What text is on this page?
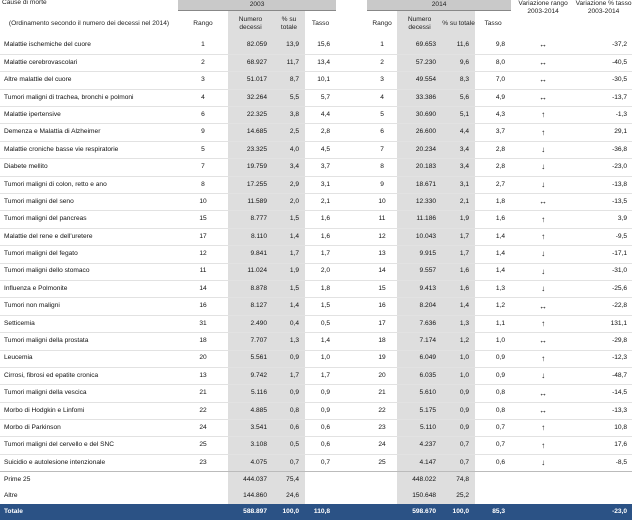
Cause di morte	2003					2014				Variazione rango 2003-2014	Variazione % tasso 2003-2014
(Ordinamento secondo il numero dei decessi nel 2014)	Rango	Numero decessi	% su totale	Tasso		Rango	Numero decessi	% su totale	Tasso		
Malattie ischemiche del cuore	1	82.059	13,9	15,6		1	69.653	11,6	9,8	↔	-37,2
Malattie cerebrovascolari	2	68.927	11,7	13,4		2	57.230	9,6	8,0	↔	-40,5
Altre malattie del cuore	3	51.017	8,7	10,1		3	49.554	8,3	7,0	↔	-30,5
Tumori maligni di trachea, bronchi e polmoni	4	32.264	5,5	5,7		4	33.386	5,6	4,9	↔	-13,7
Malattie ipertensive	6	22.325	3,8	4,4		5	30.690	5,1	4,3	↑	-1,3
Demenza e Malattia di Alzheimer	9	14.685	2,5	2,8		6	26.600	4,4	3,7	↑	29,1
Malattie croniche basse vie respiratorie	5	23.325	4,0	4,5		7	20.234	3,4	2,8	↓	-36,8
Diabete mellito	7	19.759	3,4	3,7		8	20.183	3,4	2,8	↓	-23,0
Tumori maligni di colon, retto e ano	8	17.255	2,9	3,1		9	18.671	3,1	2,7	↓	-13,8
Tumori maligni del seno	10	11.589	2,0	2,1		10	12.330	2,1	1,8	↔	-13,5
Tumori maligni del pancreas	15	8.777	1,5	1,6		11	11.186	1,9	1,6	↑	3,9
Malattie del rene e dell'uretere	17	8.110	1,4	1,6		12	10.043	1,7	1,4	↑	-9,5
Tumori maligni del fegato	12	9.841	1,7	1,7		13	9.915	1,7	1,4	↓	-17,1
Tumori maligni dello stomaco	11	11.024	1,9	2,0		14	9.557	1,6	1,4	↓	-31,0
Influenza e Polmonite	14	8.878	1,5	1,8		15	9.413	1,6	1,3	↓	-25,6
Tumori non maligni	16	8.127	1,4	1,5		16	8.204	1,4	1,2	↔	-22,8
Setticemia	31	2.490	0,4	0,5		17	7.636	1,3	1,1	↑	131,1
Tumori maligni della prostata	18	7.707	1,3	1,4		18	7.174	1,2	1,0	↔	-29,8
Leucemia	20	5.561	0,9	1,0		19	6.049	1,0	0,9	↑	-12,3
Cirrosi, fibrosi ed epatite cronica	13	9.742	1,7	1,7		20	6.035	1,0	0,9	↓	-48,7
Tumori maligni della vescica	21	5.116	0,9	0,9		21	5.610	0,9	0,8	↔	-14,5
Morbo di Hodgkin e Linfomi	22	4.885	0,8	0,9		22	5.175	0,9	0,8	↔	-13,3
Morbo di Parkinson	24	3.541	0,6	0,6		23	5.110	0,9	0,7	↑	10,8
Tumori maligni del cervello e del SNC	25	3.108	0,5	0,6		24	4.237	0,7	0,7	↑	17,6
Suicidio e autolesione intenzionale	23	4.075	0,7	0,7		25	4.147	0,7	0,6	↓	-8,5
Prime 25		444.037	75,4				448.022	74,8			
Altre		144.860	24,6				150.648	25,2			
Totale		588.897	100,0	110,8			598.670	100,0	85,3		-23,0
